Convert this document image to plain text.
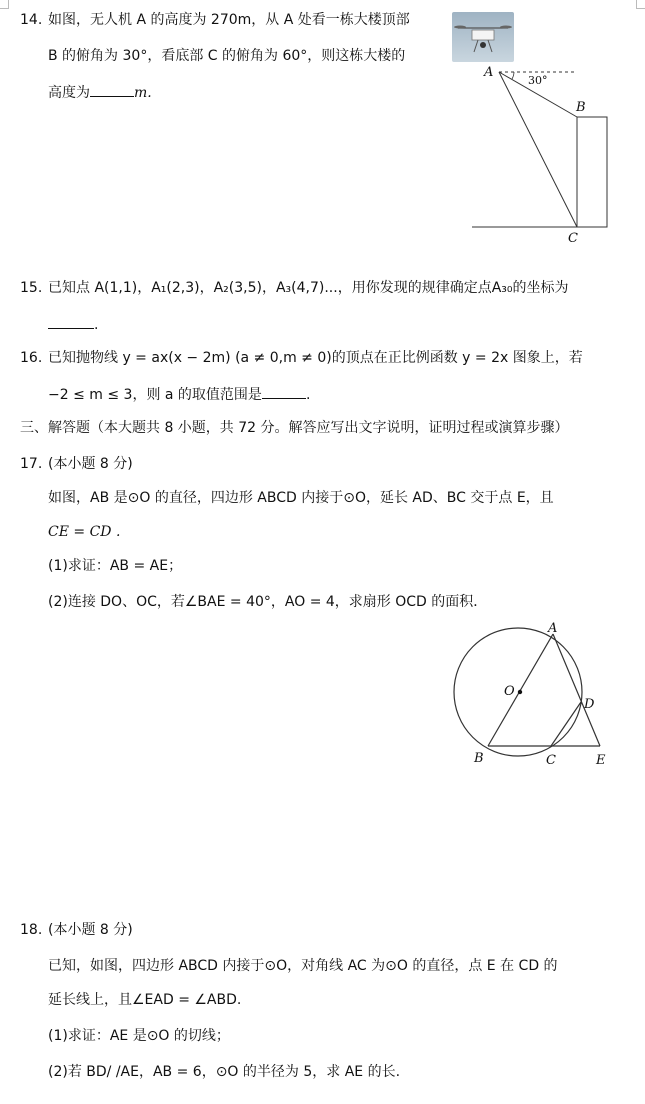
14. 如图，无人机 A 的高度为 270m，从 A 处看一栋大楼顶部
B 的俯角为 30°，看底部 C 的俯角为 60°，则这栋大楼的
高度为	m.
A
30°
B
C
15. 已知点 A(1,1)，A₁(2,3)，A₂(3,5)，A₃(4,7)...，用你发现的规律确定点A₃₀的坐标为
.
16. 已知抛物线 y = ax(x − 2m) (a ≠ 0,m ≠ 0)的顶点在正比例函数 y = 2x 图象上，若
−2 ≤ m ≤ 3，则 a 的取值范围是	.
三、解答题（本大题共 8 小题，共 72 分。解答应写出文字说明，证明过程或演算步骤）
17. (本小题 8 分)
如图，AB 是⊙O 的直径，四边形 ABCD 内接于⊙O，延长 AD、BC 交于点 E，且
CE = CD .
(1)求证：AB = AE；
(2)连接 DO、OC，若∠BAE = 40°，AO = 4，求扇形 OCD 的面积．
A
O
D
B	C	E
18. (本小题 8 分)
已知，如图，四边形 ABCD 内接于⊙O，对角线 AC 为⊙O 的直径，点 E 在 CD 的
延长线上，且∠EAD = ∠ABD.
(1)求证：AE 是⊙O 的切线；
(2)若 BD/ /AE，AB = 6，⊙O 的半径为 5，求 AE 的长.
